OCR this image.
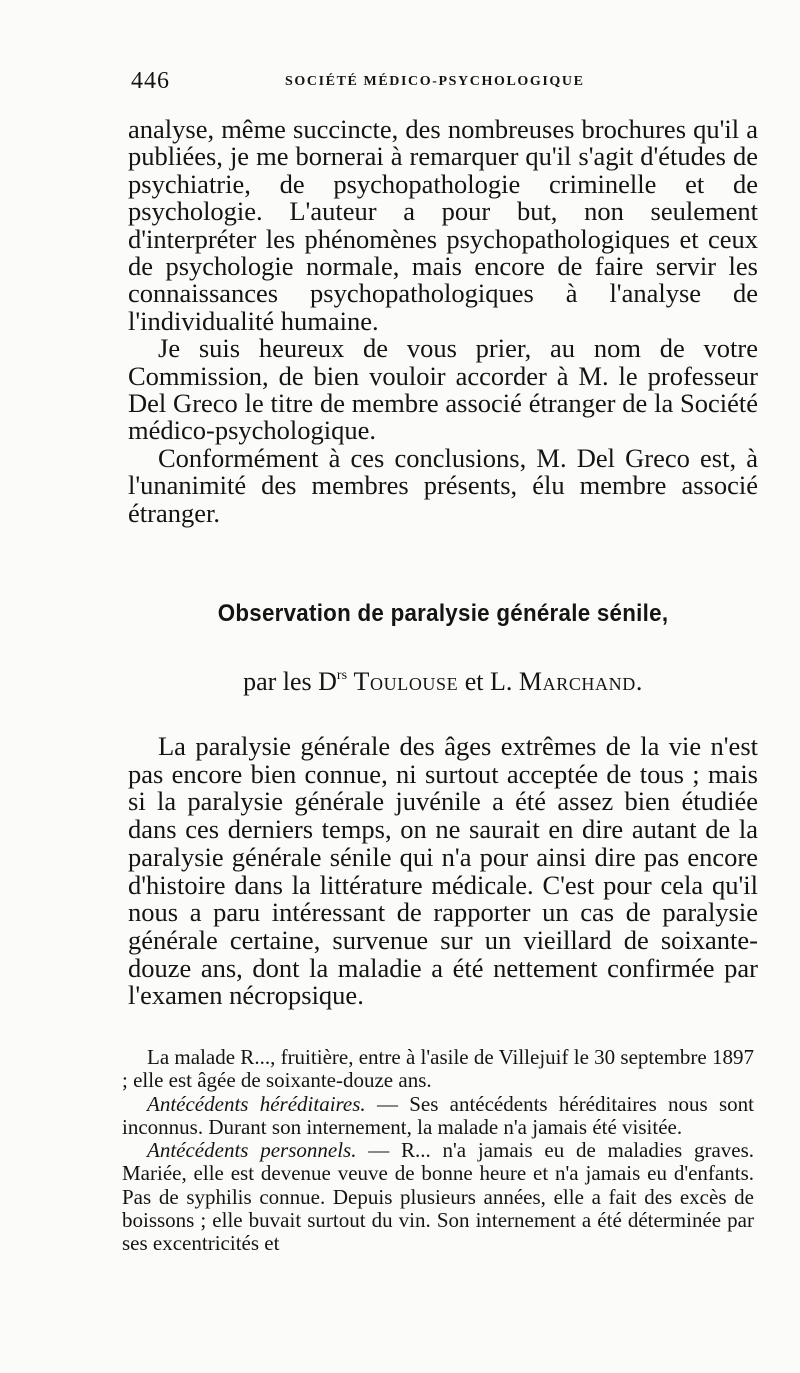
446	SOCIÉTÉ MÉDICO-PSYCHOLOGIQUE

analyse, même succincte, des nombreuses brochures qu'il a publiées, je me bornerai à remarquer qu'il s'agit d'études de psychiatrie, de psychopathologie criminelle et de psychologie. L'auteur a pour but, non seulement d'interpréter les phénomènes psychopathologiques et ceux de psychologie normale, mais encore de faire servir les connaissances psychopathologiques à l'analyse de l'individualité humaine.

Je suis heureux de vous prier, au nom de votre Commission, de bien vouloir accorder à M. le professeur Del Greco le titre de membre associé étranger de la Société médico-psychologique.

Conformément à ces conclusions, M. Del Greco est, à l'unanimité des membres présents, élu membre associé étranger.

Observation de paralysie générale sénile,
par les $D^{rs}$ Toulouse et L. Marchand.

La paralysie générale des âges extrêmes de la vie n'est pas encore bien connue, ni surtout acceptée de tous ; mais si la paralysie générale juvénile a été assez bien étudiée dans ces derniers temps, on ne saurait en dire autant de la paralysie générale sénile qui n'a pour ainsi dire pas encore d'histoire dans la littérature médicale. C'est pour cela qu'il nous a paru intéressant de rapporter un cas de paralysie générale certaine, survenue sur un vieillard de soixante-douze ans, dont la maladie a été nettement confirmée par l'examen nécropsique.

La malade R..., fruitière, entre à l'asile de Villejuif le 30 septembre 1897 ; elle est âgée de soixante-douze ans.

Antécédents héréditaires. — Ses antécédents héréditaires nous sont inconnus. Durant son internement, la malade n'a jamais été visitée.

Antécédents personnels. — R... n'a jamais eu de maladies graves. Mariée, elle est devenue veuve de bonne heure et n'a jamais eu d'enfants. Pas de syphilis connue. Depuis plusieurs années, elle a fait des excès de boissons ; elle buvait surtout du vin. Son internement a été déterminée par ses excentricités et
